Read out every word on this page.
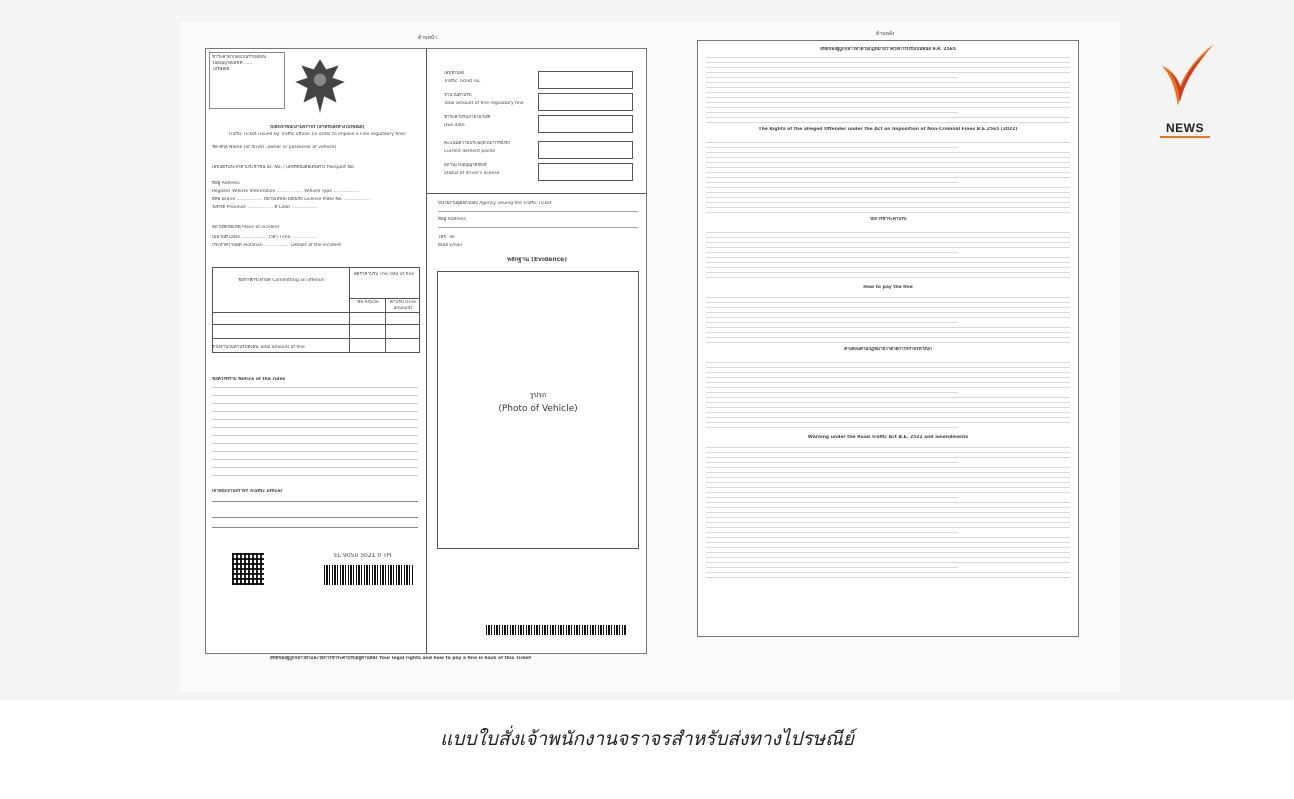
ด้านหน้า
ชำระค่าฝากส่งเป็นรายเดือน
ใบอนุญาตเลขที่ ......
ไปรษณีย์
ใบสั่งเจ้าพนักงานจราจร (สำหรับส่งทางไปรษณีย์)
Traffic Ticket issued by Traffic officer (in order to impose a Fine regulatory fine)
ชื่อ-สกุล Name (of driver, owner or possessor of vehicle)
เลขบัตรประจำตัวประชาชน ID. No. / เลขที่หนังสือเดินทาง Passport No.
ที่อยู่ Address
Register Vehicle Information .................. Vehicle Type ..................
ยี่ห้อ Brand .................. หมายเลขทะเบียนรถ License Plate No. ..................
จังหวัด Province .................. สี Color ..................
สถานที่เกิดเหตุ Place of incident
เมื่อวันที่ Date .................. เวลา Time ..................
กระทำความผิด Violation .................. Details of the incident
ข้อหาที่กระทำผิด Committing an offence
อัตราค่าปรับ The rate of fine
ข้อ Article	ค่าปรับ (Fine amount)
รวมจำนวนค่าปรับทั้งสิ้น Total amount of fine
ข้อควรทราบ Notice of the rules
เจ้าพนักงานจราจร Traffic officer
EL 9050 5021 0 TH
เลขที่ใบสั่ง
Traffic Ticket no.
จำนวนค่าปรับ
Total amount of fine regulatory fine
ชำระค่าปรับภายในวันที่
Due date
คะแนนความประพฤติในการขับรถ
Current demerit points
สถานะใบอนุญาตขับขี่
Status of driver's license
หน่วยงานผู้ออกใบสั่ง Agency issuing the Traffic Ticket
ที่อยู่ Address
โทร. Tel
อีเมล Email
หลักฐาน (Evidence)
รูปรถ
(Photo of Vehicle)
สิทธิของผู้ถูกกล่าวหาและวิธีการชำระค่าปรับอยู่ด้านหลัง Your legal rights and how to pay a fine is back of this Ticket
ด้านหลัง
สิทธิของผู้ถูกกล่าวหาตามกฎหมายว่าด้วยการปรับเป็นพินัย พ.ศ. 2565
The Rights of the alleged Offender under the Act on Imposition of Non-Criminal Fines B.E.2565 (2022)
วิธีการชำระค่าปรับ
How to pay the fine
คำเตือนตามกฎหมายว่าด้วยการจราจรทางบก
Warning under the Road Traffic Act B.E. 2522 and amendments
NEWS
แบบใบสั่งเจ้าพนักงานจราจรสำหรับส่งทางไปรษณีย์
